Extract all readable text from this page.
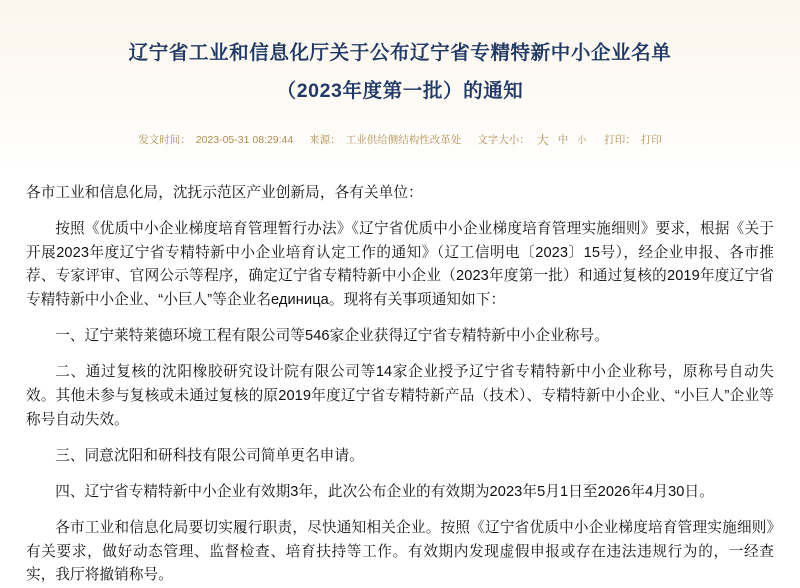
辽宁省工业和信息化厅关于公布辽宁省专精特新中小企业名单
（2023年度第一批）的通知
发文时间： 2023-05-31 08:29:44 来源： 工业供给侧结构性改革处 文字大小： 大 中 小 打印： 打印

各市工业和信息化局，沈抚示范区产业创新局，各有关单位：

按照《优质中小企业梯度培育管理暂行办法》《辽宁省优质中小企业梯度培育管理实施细则》要求，根据《关于开展2023年度辽宁省专精特新中小企业培育认定工作的通知》（辽工信明电〔2023〕15号），经企业申报、各市推荐、专家评审、官网公示等程序，确定辽宁省专精特新中小企业（2023年度第一批）和通过复核的2019年度辽宁省专精特新中小企业、“小巨人”等企业名единица。现将有关事项通知如下：

一、辽宁莱特莱德环境工程有限公司等546家企业获得辽宁省专精特新中小企业称号。

二、通过复核的沈阳橡胶研究设计院有限公司等14家企业授予辽宁省专精特新中小企业称号，原称号自动失效。其他未参与复核或未通过复核的原2019年度辽宁省专精特新产品（技术）、专精特新中小企业、“小巨人”企业等称号自动失效。

三、同意沈阳和研科技有限公司简单更名申请。

四、辽宁省专精特新中小企业有效期3年，此次公布企业的有效期为2023年5月1日至2026年4月30日。

各市工业和信息化局要切实履行职责，尽快通知相关企业。按照《辽宁省优质中小企业梯度培育管理实施细则》有关要求，做好动态管理、监督检查、培育扶持等工作。有效期内发现虚假申报或存在违法违规行为的，一经查实，我厅将撤销称号。
